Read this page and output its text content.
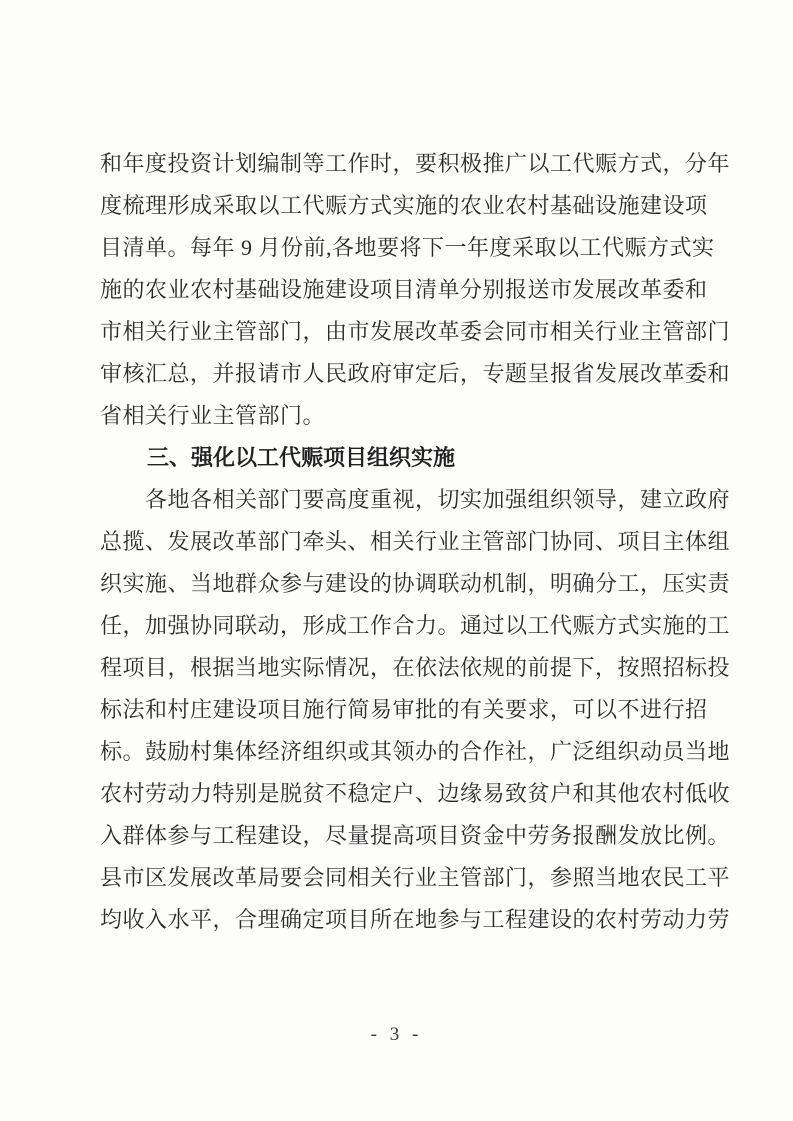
和年度投资计划编制等工作时，要积极推广以工代赈方式，分年
度梳理形成采取以工代赈方式实施的农业农村基础设施建设项
目清单。每年 9 月份前,各地要将下一年度采取以工代赈方式实
施的农业农村基础设施建设项目清单分别报送市发展改革委和
市相关行业主管部门，由市发展改革委会同市相关行业主管部门
审核汇总，并报请市人民政府审定后，专题呈报省发展改革委和
省相关行业主管部门。
三、强化以工代赈项目组织实施
各地各相关部门要高度重视，切实加强组织领导，建立政府
总揽、发展改革部门牵头、相关行业主管部门协同、项目主体组
织实施、当地群众参与建设的协调联动机制，明确分工，压实责
任，加强协同联动，形成工作合力。通过以工代赈方式实施的工
程项目，根据当地实际情况，在依法依规的前提下，按照招标投
标法和村庄建设项目施行简易审批的有关要求，可以不进行招
标。鼓励村集体经济组织或其领办的合作社，广泛组织动员当地
农村劳动力特别是脱贫不稳定户、边缘易致贫户和其他农村低收
入群体参与工程建设，尽量提高项目资金中劳务报酬发放比例。
县市区发展改革局要会同相关行业主管部门，参照当地农民工平
均收入水平，合理确定项目所在地参与工程建设的农村劳动力劳
- 3 -
